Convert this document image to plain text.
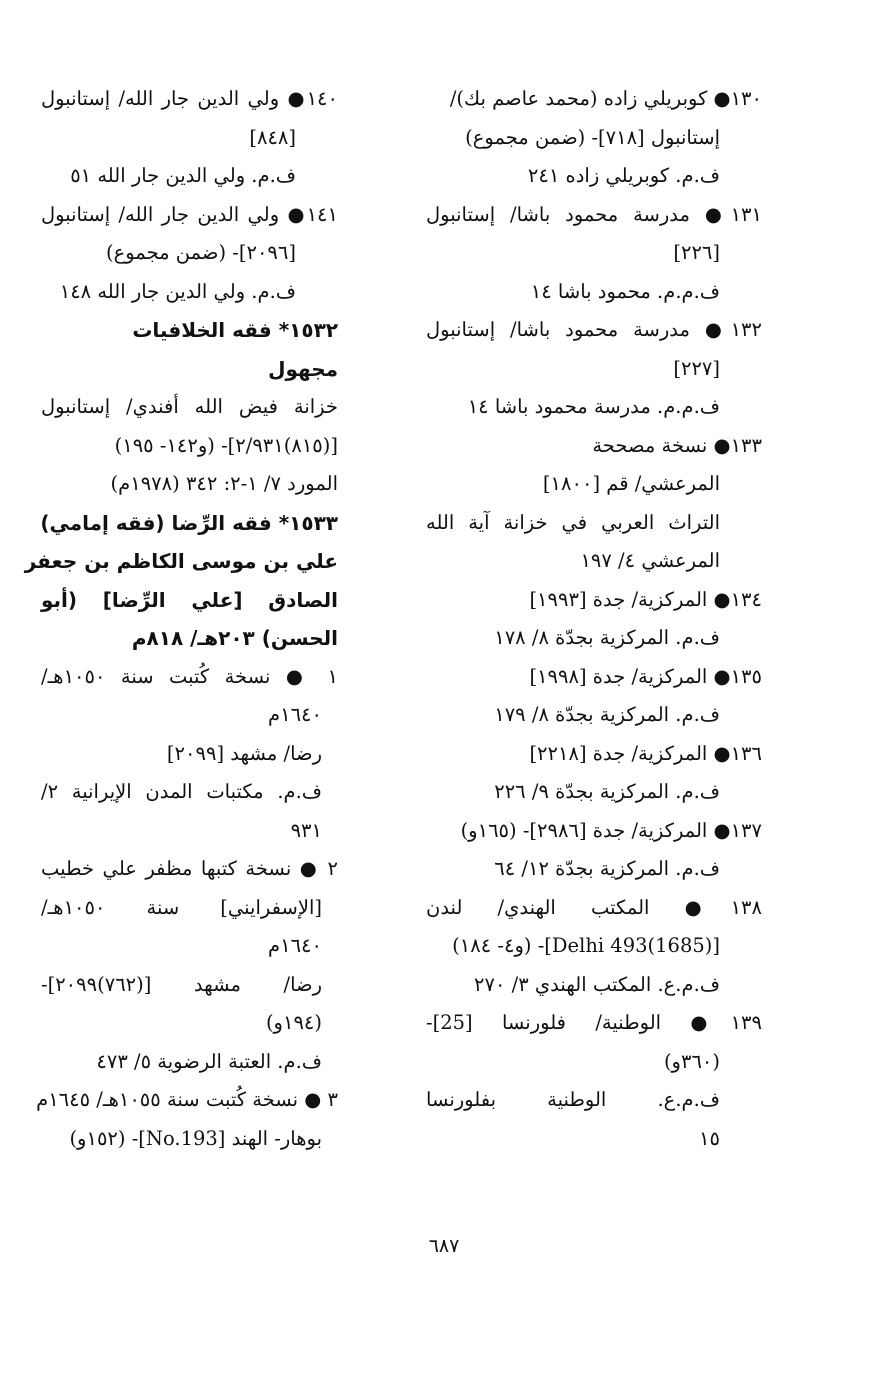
١٣٠● كوبريلي زاده (محمد عاصم بك)/
إستانبول [٧١٨]- (ضمن مجموع)
ف.م. كوبريلي زاده ٢٤١
١٣١● مدرسة محمود باشا/ إستانبول
[٢٢٦]
ف.م.م. محمود باشا ١٤
١٣٢● مدرسة محمود باشا/ إستانبول
[٢٢٧]
ف.م.م. مدرسة محمود باشا ١٤
١٣٣● نسخة مصححة
المرعشي/ قم [١٨٠٠]
التراث العربي في خزانة آية الله
المرعشي ٤/ ١٩٧
١٣٤● المركزية/ جدة [١٩٩٣]
ف.م. المركزية بجدّة ٨/ ١٧٨
١٣٥● المركزية/ جدة [١٩٩٨]
ف.م. المركزية بجدّة ٨/ ١٧٩
١٣٦● المركزية/ جدة [٢٢١٨]
ف.م. المركزية بجدّة ٩/ ٢٢٦
١٣٧● المركزية/ جدة [٢٩٨٦]- (١٦٥و)
ف.م. المركزية بجدّة ١٢/ ٦٤
١٣٨● المكتب الهندي/ لندن
[(1685)Delhi 493]- (و٤- ١٨٤)
ف.م.ع. المكتب الهندي ٣/ ٢٧٠
١٣٩● الوطنية/ فلورنسا [25]-
(٣٦٠و)
ف.م.ع. الوطنية بفلورنسا
١٥
١٤٠● ولي الدين جار الله/ إستانبول
[٨٤٨]
ف.م. ولي الدين جار الله ٥١
١٤١● ولي الدين جار الله/ إستانبول
[٢٠٩٦]- (ضمن مجموع)
ف.م. ولي الدين جار الله ١٤٨
١٥٣٢* فقه الخلافيات
مجهول
خزانة فيض الله أفندي/ إستانبول
[(٨١٥)٢/٩٣١]- (و١٤٢- ١٩٥)
المورد ٧/ ١-٢: ٣٤٢ (١٩٧٨م)
١٥٣٣* فقه الرِّضا (فقه إمامي)
علي بن موسى الكاظم بن جعفر
الصادق [علي الرِّضا] (أبو
الحسن) ٢٠٣هـ/ ٨١٨م
١ ● نسخة كُتبت سنة ١٠٥٠هـ/
١٦٤٠م
رضا/ مشهد [٢٠٩٩]
ف.م. مكتبات المدن الإيرانية ٢/
٩٣١
٢ ● نسخة كتبها مظفر علي خطيب
[الإسفرايني] سنة ١٠٥٠هـ/
١٦٤٠م
رضا/ مشهد [(٧٦٢)٢٠٩٩]-
(١٩٤و)
ف.م. العتبة الرضوية ٥/ ٤٧٣
٣ ● نسخة كُتبت سنة ١٠٥٥هـ/ ١٦٤٥م
بوهار- الهند [No.193]- (١٥٢و)
٦٨٧
